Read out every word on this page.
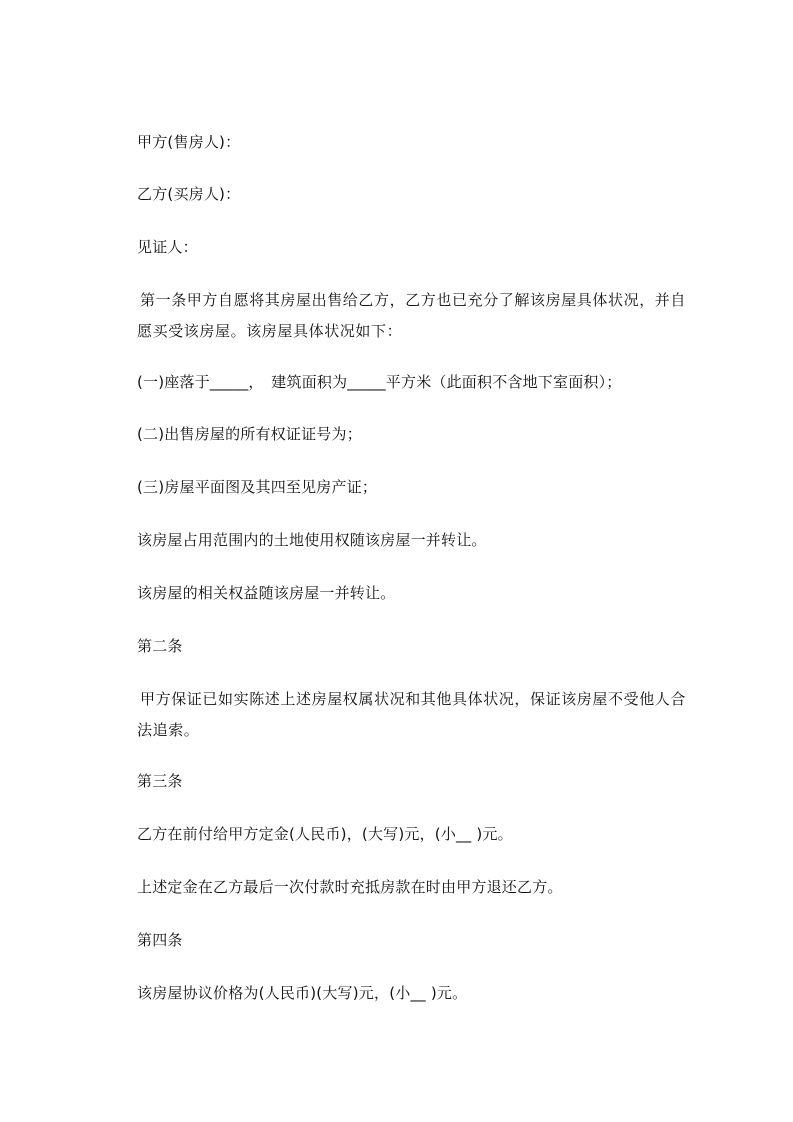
甲方(售房人)：
乙方(买房人)：
见证人：
第一条甲方自愿将其房屋出售给乙方，乙方也已充分了解该房屋具体状况，并自
愿买受该房屋。该房屋具体状况如下：
(一)座落于_____，　建筑面积为_____平方米（此面积不含地下室面积）；
(二)出售房屋的所有权证证号为；
(三)房屋平面图及其四至见房产证；
该房屋占用范围内的土地使用权随该房屋一并转让。
该房屋的相关权益随该房屋一并转让。
第二条
甲方保证已如实陈述上述房屋权属状况和其他具体状况，保证该房屋不受他人合
法追索。
第三条
乙方在前付给甲方定金(人民币)，(大写)元，(小__ )元。
上述定金在乙方最后一次付款时充抵房款在时由甲方退还乙方。
第四条
该房屋协议价格为(人民币)(大写)元，(小__ )元。
